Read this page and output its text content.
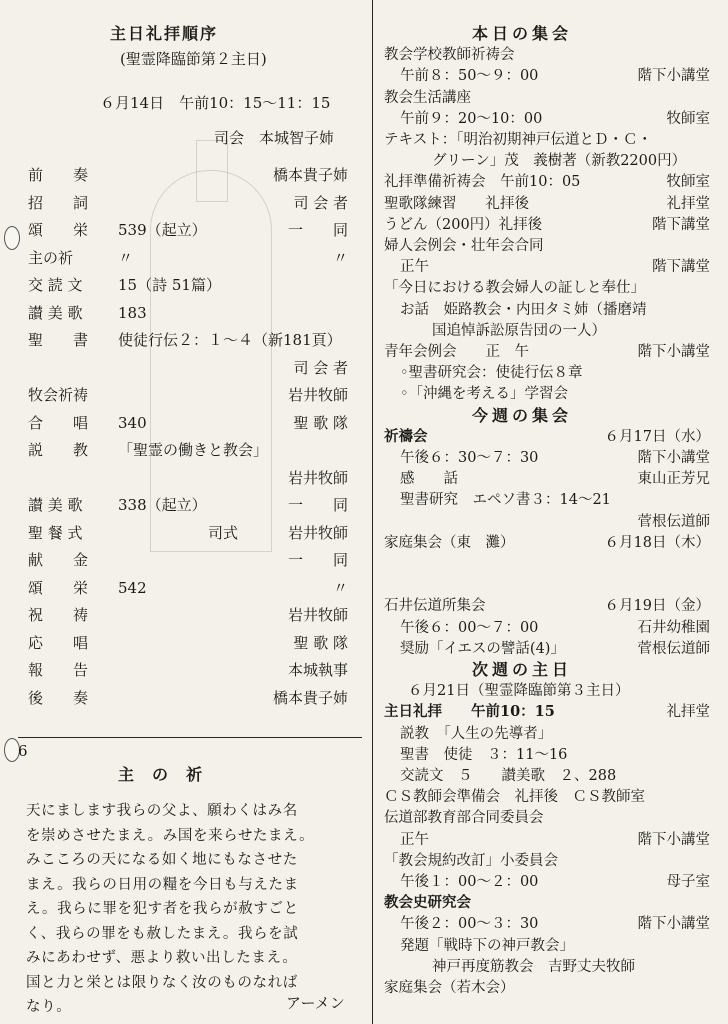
主日礼拝順序
(聖霊降臨節第２主日)
６月14日　午前10：15〜11：15
司会　本城智子姉
前　　奏	橋本貴子姉
招　　詞	司 会 者
頌　　栄 539（起立）	一　　同
主の祈	〃	〃
交 読 文 15（詩 51篇）
讃 美 歌 183
聖　　書 使徒行伝２：１〜４（新181頁）
司 会 者
牧会祈祷	岩井牧師
合　　唱 340	聖 歌 隊
説　　教 「聖霊の働きと教会」
岩井牧師
讃 美 歌 338（起立）	一　　同
聖 餐 式	司式	岩井牧師
献　　金	一　　同
頌　　栄 542	〃
祝　　祷	岩井牧師
応　　唱	聖 歌 隊
報　　告	本城執事
後　　奏	橋本貴子姉
6
主の祈
天にまします我らの父よ、願わくはみ名
を崇めさせたまえ。み国を来らせたまえ。
みこころの天になる如く地にもなさせた
まえ。我らの日用の糧を今日も与えたま
え。我らに罪を犯す者を我らが赦すごと
く、我らの罪をも赦したまえ。我らを試
みにあわせず、悪より救い出したまえ。
国と力と栄とは限りなく汝のものなれば
なり。	アーメン
本日の集会
教会学校教師祈祷会
午前８：50〜９：00	階下小講堂
教会生活講座
午前９：20〜10：00	牧師室
テキスト：「明治初期神戸伝道とＤ・Ｃ・
グリーン」茂　義樹著（新教2200円）
礼拝準備祈祷会　午前10：05	牧師室
聖歌隊練習　　礼拝後	礼拝堂
うどん（200円）礼拝後	階下講堂
婦人会例会・壮年会合同
正午	階下講堂
「今日における教会婦人の証しと奉仕」
お話　姫路教会・内田タミ姉（播磨靖
国追悼訴訟原告団の一人）
青年会例会　　正　午	階下小講堂
◦聖書研究会：使徒行伝８章
◦「沖縄を考える」学習会
今週の集会
祈禱会	６月17日（水）
午後６：30〜７：30	階下小講堂
感　　話	東山正芳兄
聖書研究　エペソ書３：14〜21
菅根伝道師
家庭集会（東　灘）	６月18日（木）
石井伝道所集会	６月19日（金）
午後６：00〜７：00	石井幼稚園
奨励「イエスの譬話(4)」	菅根伝道師
次週の主日
６月21日（聖霊降臨節第３主日）
主日礼拝　　午前10：15	礼拝堂
説教　「人生の先導者」
聖書　使徒　３：11〜16
交読文　５　　讃美歌　２、288
ＣＳ教師会準備会　礼拝後　ＣＳ教師室
伝道部教育部合同委員会
正午	階下小講堂
「教会規約改訂」小委員会
午後１：00〜２：00	母子室
教会史研究会
午後２：00〜３：30	階下小講堂
発題「戦時下の神戸教会」
神戸再度筋教会　吉野丈夫牧師
家庭集会（若木会）
